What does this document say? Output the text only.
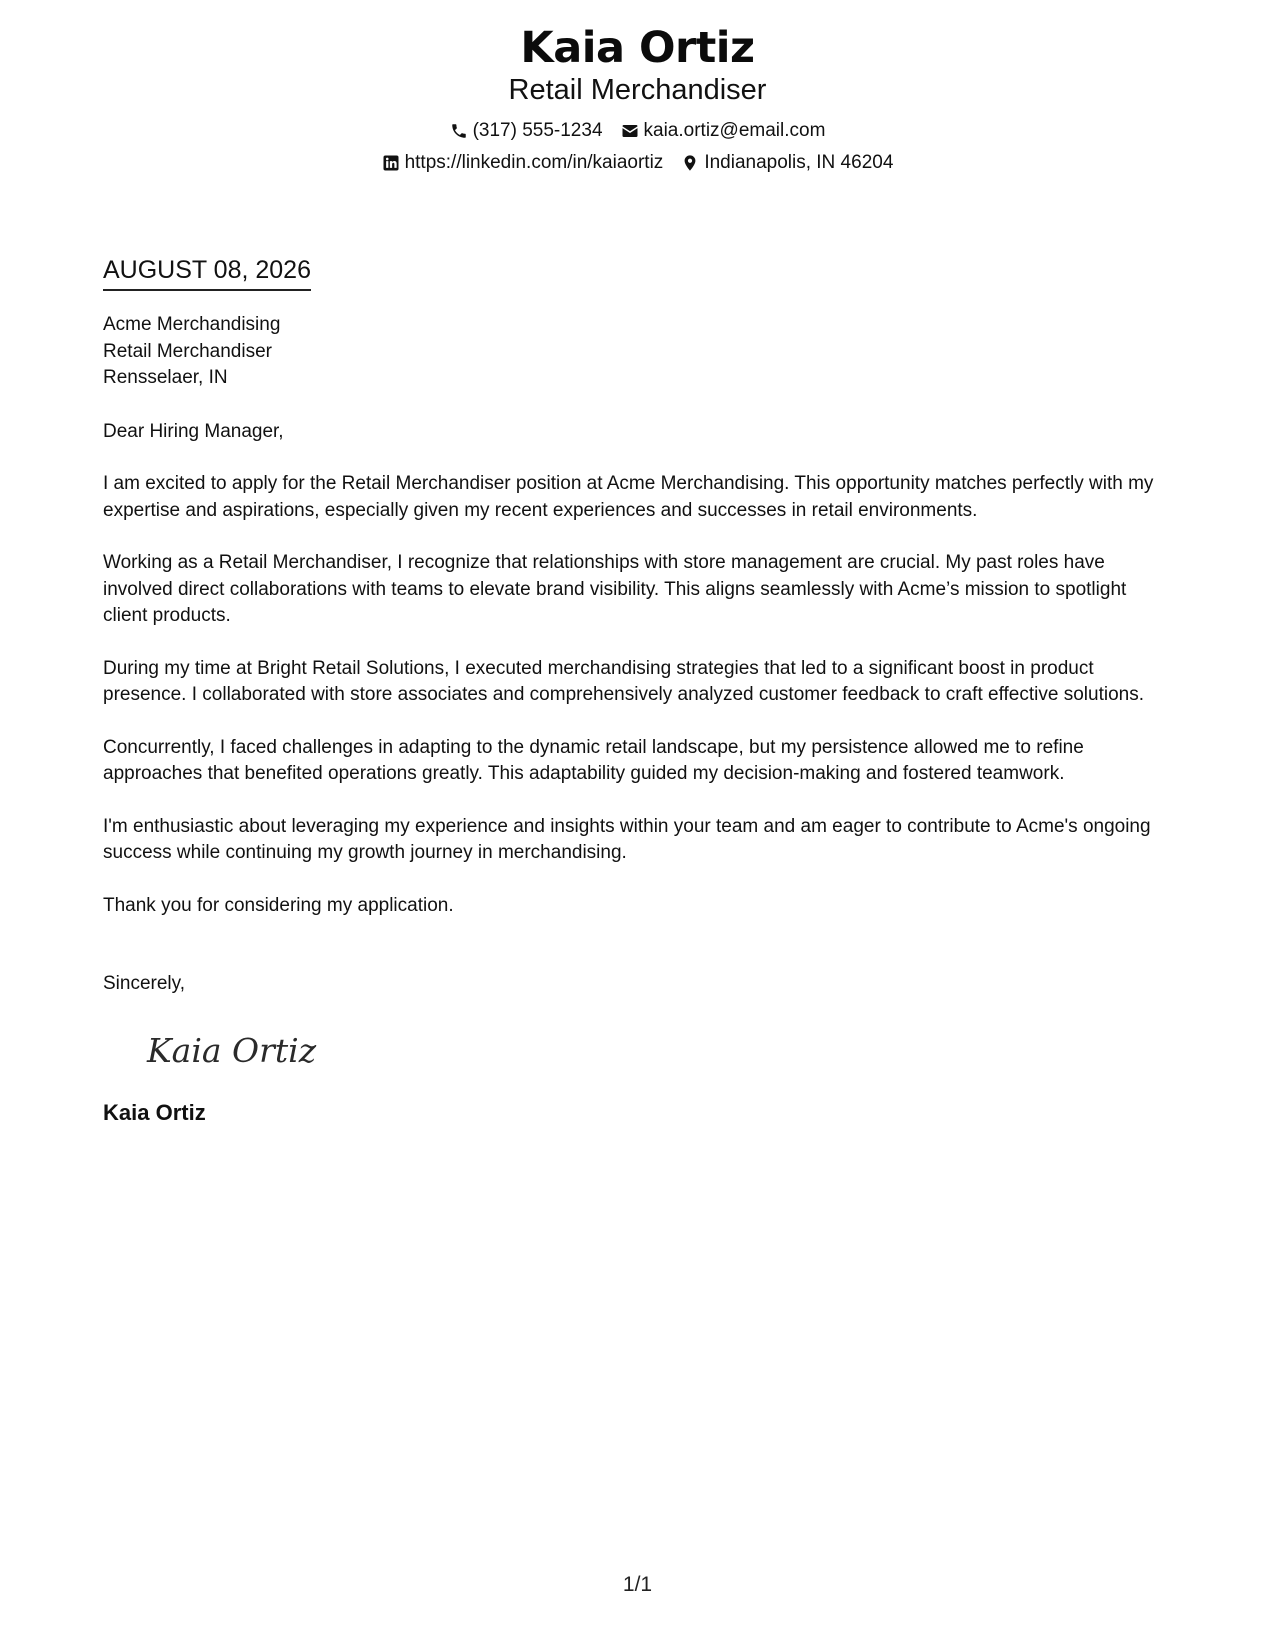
Kaia Ortiz
Retail Merchandiser
(317) 555-1234 kaia.ortiz@email.com
https://linkedin.com/in/kaiaortiz Indianapolis, IN 46204
AUGUST 08, 2026
Acme Merchandising
Retail Merchandiser
Rensselaer, IN
Dear Hiring Manager,
I am excited to apply for the Retail Merchandiser position at Acme Merchandising. This opportunity matches perfectly with my expertise and aspirations, especially given my recent experiences and successes in retail environments.
Working as a Retail Merchandiser, I recognize that relationships with store management are crucial. My past roles have involved direct collaborations with teams to elevate brand visibility. This aligns seamlessly with Acme’s mission to spotlight client products.
During my time at Bright Retail Solutions, I executed merchandising strategies that led to a significant boost in product presence. I collaborated with store associates and comprehensively analyzed customer feedback to craft effective solutions.
Concurrently, I faced challenges in adapting to the dynamic retail landscape, but my persistence allowed me to refine approaches that benefited operations greatly. This adaptability guided my decision-making and fostered teamwork.
I'm enthusiastic about leveraging my experience and insights within your team and am eager to contribute to Acme's ongoing success while continuing my growth journey in merchandising.
Thank you for considering my application.
Sincerely,
Kaia Ortiz
Kaia Ortiz
1/1
